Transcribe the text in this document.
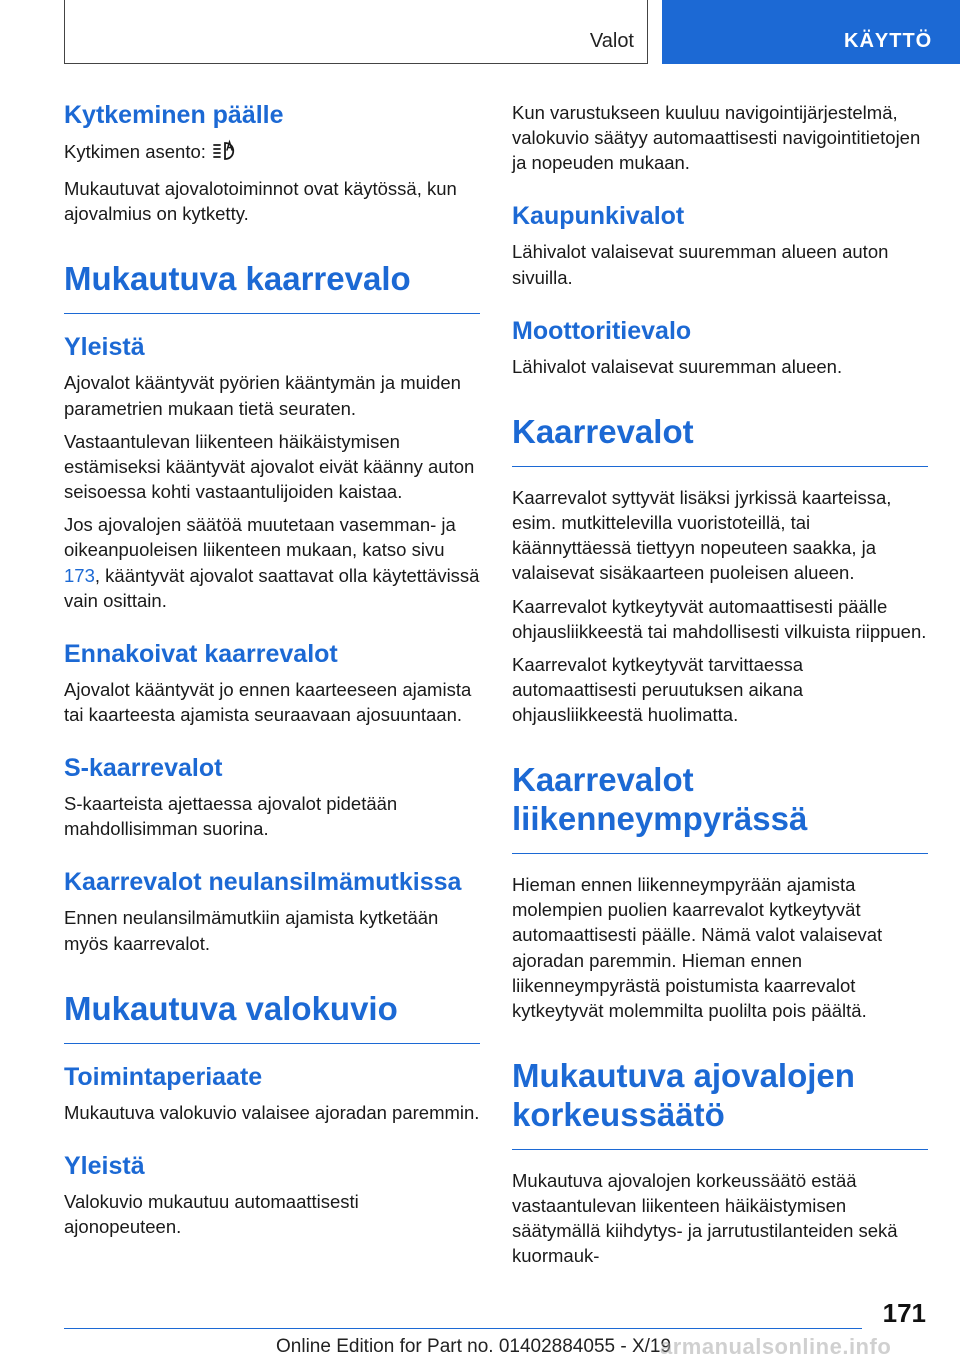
Valot	KÄYTTÖ
Kytkeminen päälle

Kytkimen asento:

Mukautuvat ajovalotoiminnot ovat käytössä, kun ajovalmius on kytketty.

Mukautuva kaarrevalo
Yleistä

Ajovalot kääntyvät pyörien kääntymän ja muiden parametrien mukaan tietä seuraten.

Vastaantulevan liikenteen häikäistymisen estämiseksi kääntyvät ajovalot eivät käänny auton seisoessa kohti vastaantulijoiden kaistaa.

Jos ajovalojen säätöä muutetaan vasemman- ja oikeanpuoleisen liikenteen mukaan, katso sivu 173, kääntyvät ajovalot saattavat olla käytettävissä vain osittain.

Ennakoivat kaarrevalot

Ajovalot kääntyvät jo ennen kaarteeseen ajamista tai kaarteesta ajamista seuraavaan ajosuuntaan.

S-kaarrevalot

S-kaarteista ajettaessa ajovalot pidetään mahdollisimman suorina.

Kaarrevalot neulansilmämutkissa

Ennen neulansilmämutkiin ajamista kytketään myös kaarrevalot.

Mukautuva valokuvio
Toimintaperiaate

Mukautuva valokuvio valaisee ajoradan paremmin.

Yleistä

Valokuvio mukautuu automaattisesti ajonopeuteen.

Kun varustukseen kuuluu navigointijärjestelmä, valokuvio säätyy automaattisesti navigointitietojen ja nopeuden mukaan.

Kaupunkivalot

Lähivalot valaisevat suuremman alueen auton sivuilla.

Moottoritievalo

Lähivalot valaisevat suuremman alueen.

Kaarrevalot

Kaarrevalot syttyvät lisäksi jyrkissä kaarteissa, esim. mutkittelevilla vuoristoteillä, tai käännyttäessä tiettyyn nopeuteen saakka, ja valaisevat sisäkaarteen puoleisen alueen.

Kaarrevalot kytkeytyvät automaattisesti päälle ohjausliikkeestä tai mahdollisesti vilkuista riippuen.

Kaarrevalot kytkeytyvät tarvittaessa automaattisesti peruutuksen aikana ohjausliikkeestä huolimatta.

Kaarrevalot liikenneympyrässä

Hieman ennen liikenneympyrään ajamista molempien puolien kaarrevalot kytkeytyvät automaattisesti päälle. Nämä valot valaisevat ajoradan paremmin. Hieman ennen liikenneympyrästä poistumista kaarrevalot kytkeytyvät molemmilta puolilta pois päältä.

Mukautuva ajovalojen korkeussäätö

Mukautuva ajovalojen korkeussäätö estää vastaantulevan liikenteen häikäistymisen säätymällä kiihdytys- ja jarrutustilanteiden sekä kuormauk-

171
Online Edition for Part no. 01402884055 - X/19
armanualsonline.info
